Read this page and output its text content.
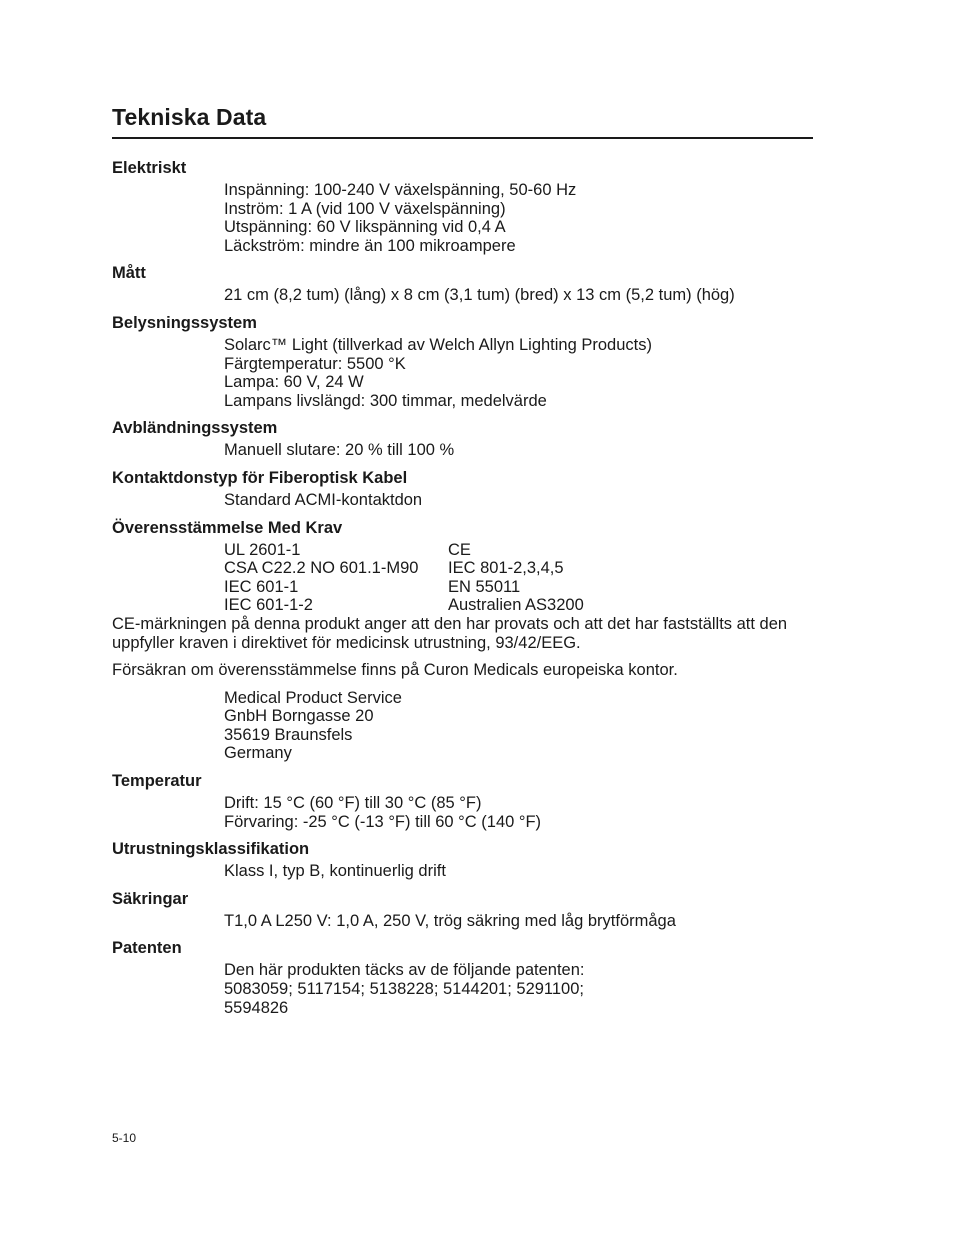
Tekniska Data
Elektriskt
Inspänning: 100-240 V växelspänning, 50-60 Hz
Inström: 1 A (vid 100 V växelspänning)
Utspänning: 60 V likspänning vid 0,4 A
Läckström: mindre än 100 mikroampere
Mått
21 cm (8,2 tum) (lång) x 8 cm (3,1 tum) (bred) x 13 cm (5,2 tum) (hög)
Belysningssystem
Solarc™ Light (tillverkad av Welch Allyn Lighting Products)
Färgtemperatur: 5500 °K
Lampa: 60 V, 24 W
Lampans livslängd: 300 timmar, medelvärde
Avbländningssystem
Manuell slutare: 20 % till 100 %
Kontaktdonstyp för Fiberoptisk Kabel
Standard ACMI-kontaktdon
Överensstämmelse Med Krav
UL 2601-1	CE
CSA C22.2 NO 601.1-M90	IEC 801-2,3,4,5
IEC 601-1	EN 55011
IEC 601-1-2	Australien AS3200

CE-märkningen på denna produkt anger att den har provats och att det har fastställts att den uppfyller kraven i direktivet för medicinsk utrustning, 93/42/EEG.

Försäkran om överensstämmelse finns på Curon Medicals europeiska kontor.

Medical Product Service
GnbH Borngasse 20
35619 Braunsfels
Germany
Temperatur
Drift: 15 °C (60 °F) till 30 °C (85 °F)
Förvaring: -25 °C (-13 °F) till 60 °C (140 °F)
Utrustningsklassifikation
Klass I, typ B, kontinuerlig drift
Säkringar
T1,0 A L250 V: 1,0 A, 250 V, trög säkring med låg brytförmåga
Patenten
Den här produkten täcks av de följande patenten:
5083059; 5117154; 5138228; 5144201; 5291100;
5594826
5-10
